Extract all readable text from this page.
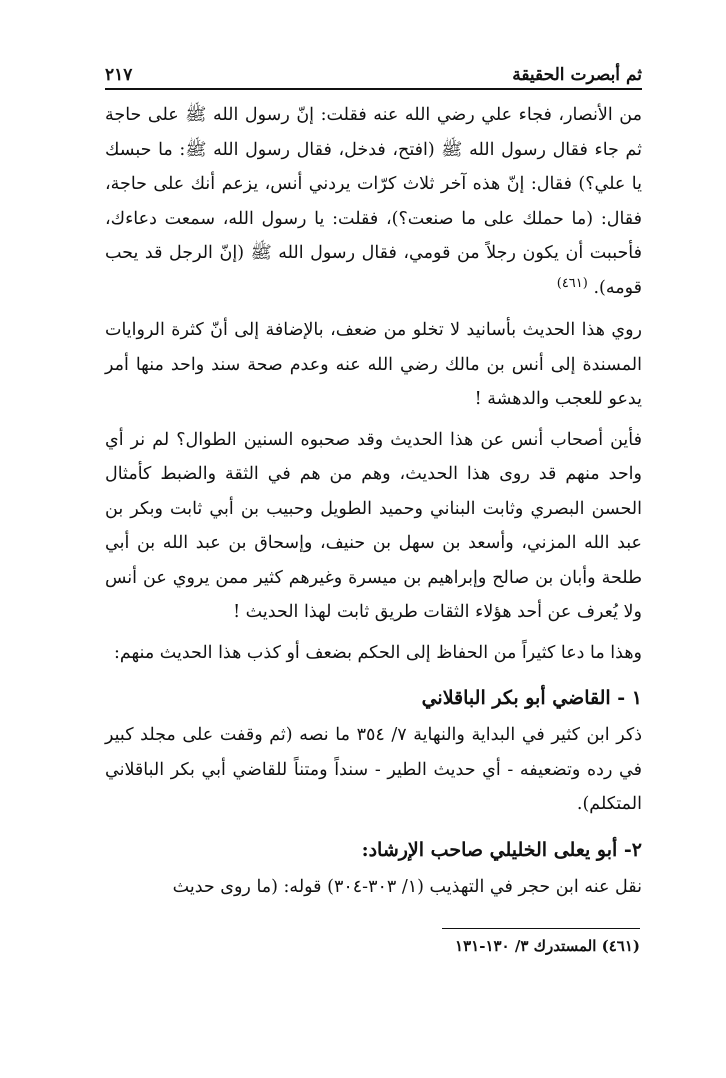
ثم أبصرت الحقيقة
٢١٧

من الأنصار، فجاء علي رضي الله عنه فقلت: إنّ رسول الله ﷺ على حاجة ثم جاء فقال رسول الله ﷺ (افتح، فدخل، فقال رسول الله ﷺ: ما حبسك يا علي؟) فقال: إنّ هذه آخر ثلاث كرّات يردني أنس، يزعم أنك على حاجة، فقال: (ما حملك على ما صنعت؟)، فقلت: يا رسول الله، سمعت دعاءك، فأحببت أن يكون رجلاً من قومي، فقال رسول الله ﷺ (إنّ الرجل قد يحب قومه). $^{(٤٦١)}$

روي هذا الحديث بأسانيد لا تخلو من ضعف، بالإضافة إلى أنّ كثرة الروايات المسندة إلى أنس بن مالك رضي الله عنه وعدم صحة سند واحد منها أمر يدعو للعجب والدهشة !

فأين أصحاب أنس عن هذا الحديث وقد صحبوه السنين الطوال؟ لم نر أي واحد منهم قد روى هذا الحديث، وهم من هم في الثقة والضبط كأمثال الحسن البصري وثابت البناني وحميد الطويل وحبيب بن أبي ثابت وبكر بن عبد الله المزني، وأسعد بن سهل بن حنيف، وإسحاق بن عبد الله بن أبي طلحة وأبان بن صالح وإبراهيم بن ميسرة وغيرهم كثير ممن يروي عن أنس ولا يُعرف عن أحد هؤلاء الثقات طريق ثابت لهذا الحديث !

وهذا ما دعا كثيراً من الحفاظ إلى الحكم بضعف أو كذب هذا الحديث منهم:

١ - القاضي أبو بكر الباقلاني

ذكر ابن كثير في البداية والنهاية ٧/ ٣٥٤ ما نصه (ثم وقفت على مجلد كبير في رده وتضعيفه - أي حديث الطير - سنداً ومتناً للقاضي أبي بكر الباقلاني المتكلم).

٢- أبو يعلى الخليلي صاحب الإرشاد:

نقل عنه ابن حجر في التهذيب (١/ ٣٠٣-٣٠٤) قوله: (ما روى حديث

(٤٦١) المستدرك ٣/ ١٣٠-١٣١
